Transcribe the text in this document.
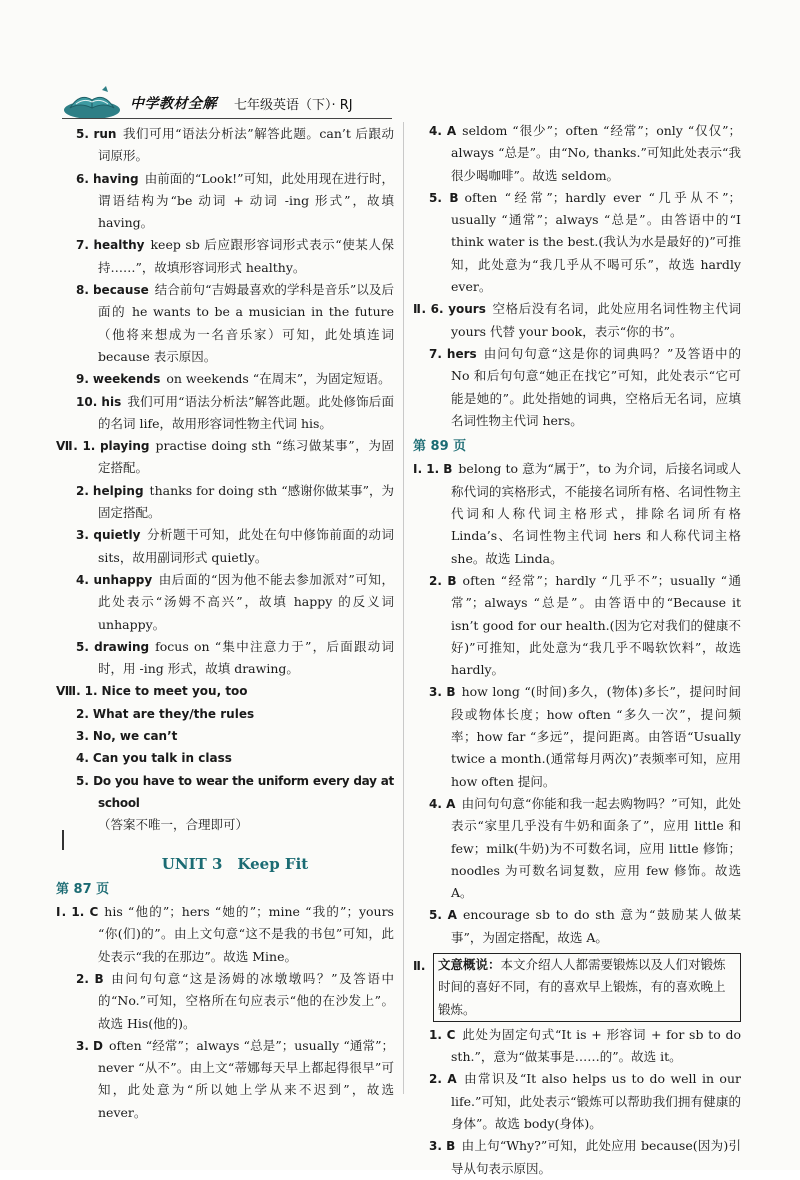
中学教材全解 七年级英语（下）· RJ

5. run 我们可用“语法分析法”解答此题。can’t 后跟动词原形。

6. having 由前面的“Look!”可知，此处用现在进行时，谓语结构为“be 动词 + 动词 -ing 形式”，故填 having。

7. healthy keep sb 后应跟形容词形式表示“使某人保持……”，故填形容词形式 healthy。

8. because 结合前句“吉姆最喜欢的学科是音乐”以及后面的 he wants to be a musician in the future（他将来想成为一名音乐家）可知，此处填连词 because 表示原因。

9. weekends on weekends “在周末”，为固定短语。

10. his 我们可用“语法分析法”解答此题。此处修饰后面的名词 life，故用形容词性物主代词 his。

Ⅶ. 1. playing practise doing sth “练习做某事”，为固定搭配。

2. helping thanks for doing sth “感谢你做某事”，为固定搭配。

3. quietly 分析题干可知，此处在句中修饰前面的动词 sits，故用副词形式 quietly。

4. unhappy 由后面的“因为他不能去参加派对”可知，此处表示“汤姆不高兴”，故填 happy 的反义词 unhappy。

5. drawing focus on “集中注意力于”，后面跟动词时，用 -ing 形式，故填 drawing。

Ⅷ. 1. Nice to meet you, too

2. What are they/the rules

3. No, we can’t

4. Can you talk in class

5. Do you have to wear the uniform every day at school

（答案不唯一，合理即可）

UNIT 3　Keep Fit
第 87 页

Ⅰ. 1. C his “他的”；hers “她的”；mine “我的”；yours “你(们)的”。由上文句意“这不是我的书包”可知，此处表示“我的在那边”。故选 Mine。

2. B 由问句句意“这是汤姆的冰墩墩吗？”及答语中的“No.”可知，空格所在句应表示“他的在沙发上”。故选 His(他的)。

3. D often “经常”；always “总是”；usually “通常”；never “从不”。由上文“蒂娜每天早上都起得很早”可知，此处意为“所以她上学从来不迟到”，故选 never。

4. A seldom “很少”；often “经常”；only “仅仅”；always “总是”。由“No, thanks.”可知此处表示“我很少喝咖啡”。故选 seldom。

5. B often “经常”；hardly ever “几乎从不”；usually “通常”；always “总是”。由答语中的“I think water is the best.(我认为水是最好的)”可推知，此处意为“我几乎从不喝可乐”，故选 hardly ever。

Ⅱ. 6. yours 空格后没有名词，此处应用名词性物主代词 yours 代替 your book，表示“你的书”。

7. hers 由问句句意“这是你的词典吗？”及答语中的 No 和后句句意“她正在找它”可知，此处表示“它可能是她的”。此处指她的词典，空格后无名词，应填名词性物主代词 hers。

第 89 页

Ⅰ. 1. B belong to 意为“属于”，to 为介词，后接名词或人称代词的宾格形式，不能接名词所有格、名词性物主代词和人称代词主格形式，排除名词所有格 Linda’s、名词性物主代词 hers 和人称代词主格 she。故选 Linda。

2. B often “经常”；hardly “几乎不”；usually “通常”；always “总是”。由答语中的“Because it isn’t good for our health.(因为它对我们的健康不好)”可推知，此处意为“我几乎不喝软饮料”，故选 hardly。

3. B how long “(时间)多久，(物体)多长”，提问时间段或物体长度；how often “多久一次”，提问频率；how far “多远”，提问距离。由答语“Usually twice a month.(通常每月两次)”表频率可知，应用 how often 提问。

4. A 由问句句意“你能和我一起去购物吗？”可知，此处表示“家里几乎没有牛奶和面条了”，应用 little 和 few；milk(牛奶)为不可数名词，应用 little 修饰；noodles 为可数名词复数，应用 few 修饰。故选 A。

5. A encourage sb to do sth 意为“鼓励某人做某事”，为固定搭配，故选 A。

Ⅱ.	文意概说：本文介绍人人都需要锻炼以及人们对锻炼时间的喜好不同，有的喜欢早上锻炼，有的喜欢晚上锻炼。

1. C 此处为固定句式“It is + 形容词 + for sb to do sth.”，意为“做某事是……的”。故选 it。

2. A 由常识及“It also helps us to do well in our life.”可知，此处表示“锻炼可以帮助我们拥有健康的身体”。故选 body(身体)。

3. B 由上句“Why?”可知，此处应用 because(因为)引导从句表示原因。
